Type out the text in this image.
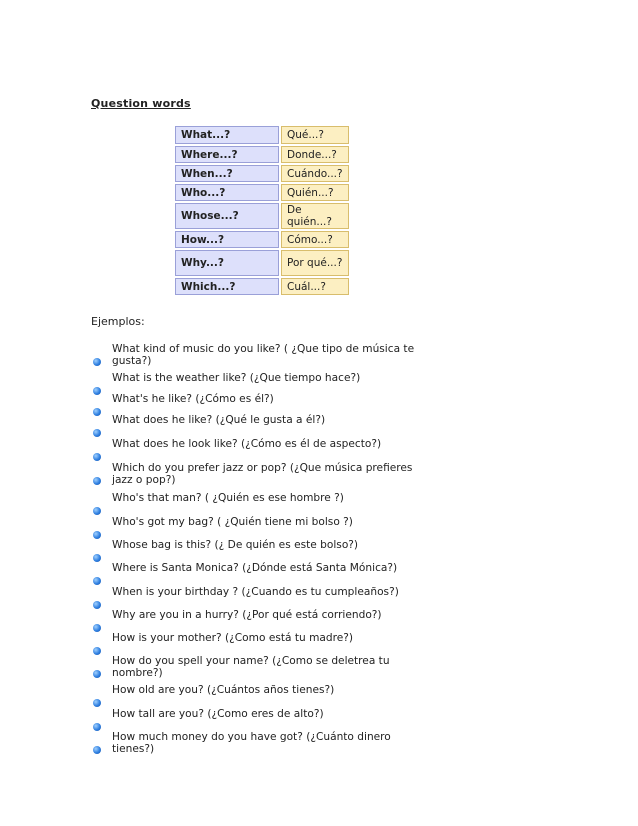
Question words
What...?	Qué...?
Where...?	Donde...?
When...?	Cuándo...?
Who...?	Quién...?
Whose...?	De quién...?
How...?	Cómo...?
Why...?	Por qué...?
Which...?	Cuál...?
Ejemplos:
What kind of music do you like? ( ¿Que tipo de música te gusta?)
What is the weather like? (¿Que tiempo hace?)
What's he like? (¿Cómo es él?)
What does he like? (¿Qué le gusta a él?)
What does he look like? (¿Cómo es él de aspecto?)
Which do you prefer jazz or pop? (¿Que música prefieres jazz o pop?)
Who's that man? ( ¿Quién es ese hombre ?)
Who's got my bag? ( ¿Quién tiene mi bolso ?)
Whose bag is this? (¿ De quién es este bolso?)
Where is Santa Monica? (¿Dónde está Santa Mónica?)
When is your birthday ? (¿Cuando es tu cumpleaños?)
Why are you in a hurry? (¿Por qué está corriendo?)
How is your mother? (¿Como está tu madre?)
How do you spell your name? (¿Como se deletrea tu nombre?)
How old are you? (¿Cuántos años tienes?)
How tall are you? (¿Como eres de alto?)
How much money do you have got? (¿Cuánto dinero tienes?)
